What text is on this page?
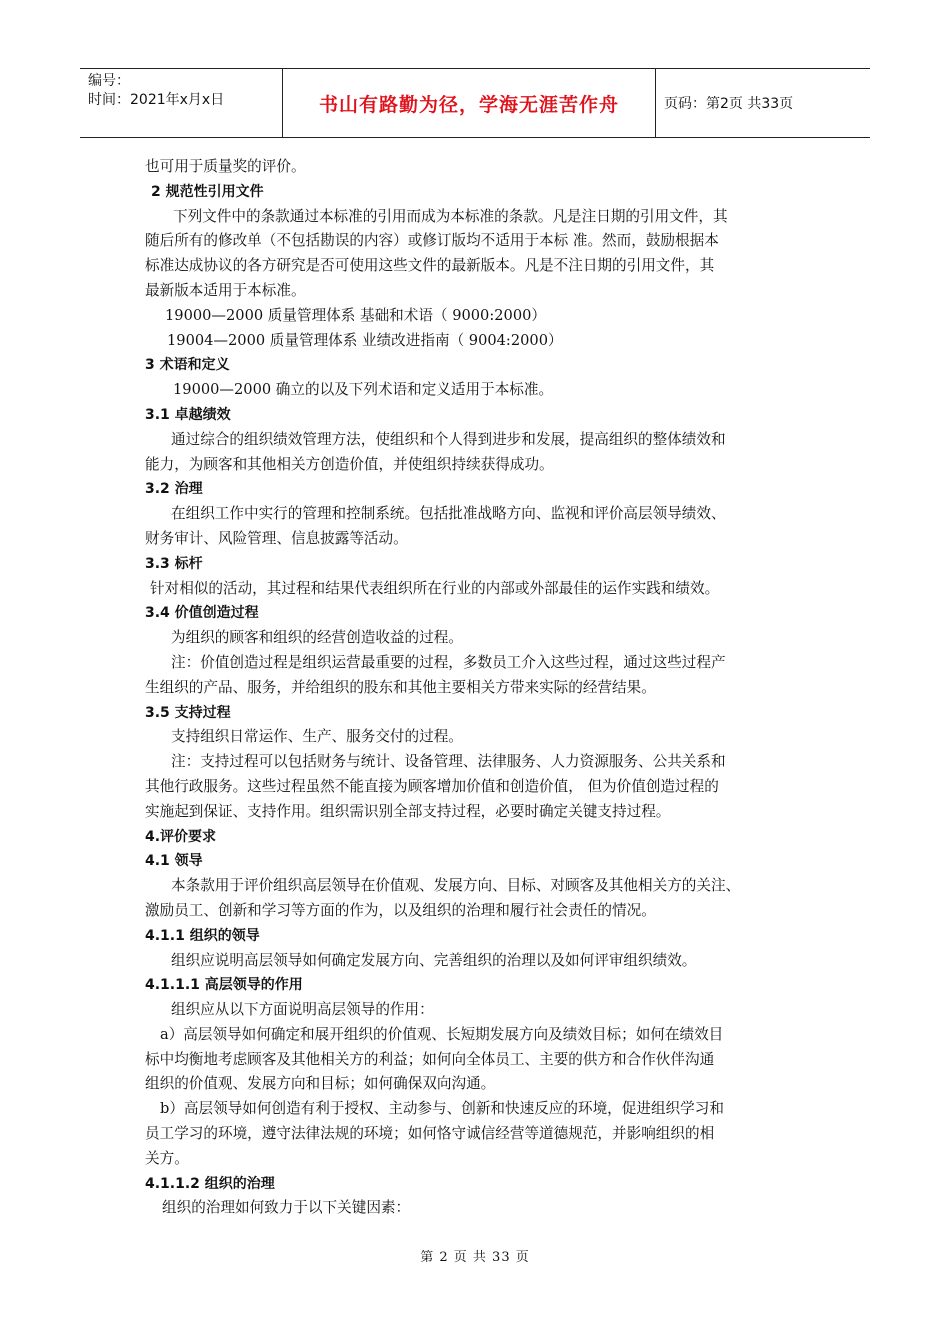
编号：
时间：2021年x月x日	书山有路勤为径，学海无涯苦作舟	页码：第2页 共33页
也可用于质量奖的评价。
2 规范性引用文件
下列文件中的条款通过本标准的引用而成为本标准的条款。凡是注日期的引用文件，其
随后所有的修改单（不包括勘误的内容）或修订版均不适用于本标 准。然而，鼓励根据本
标准达成协议的各方研究是否可使用这些文件的最新版本。凡是不注日期的引用文件，其
最新版本适用于本标准。
19000—2000 质量管理体系 基础和术语（ 9000:2000）
19004—2000 质量管理体系 业绩改进指南（ 9004:2000）
3 术语和定义
19000—2000 确立的以及下列术语和定义适用于本标准。
3.1 卓越绩效
通过综合的组织绩效管理方法，使组织和个人得到进步和发展，提高组织的整体绩效和
能力，为顾客和其他相关方创造价值，并使组织持续获得成功。
3.2 治理
在组织工作中实行的管理和控制系统。包括批准战略方向、监视和评价高层领导绩效、
财务审计、风险管理、信息披露等活动。
3.3 标杆
针对相似的活动，其过程和结果代表组织所在行业的内部或外部最佳的运作实践和绩效。
3.4 价值创造过程
为组织的顾客和组织的经营创造收益的过程。
注：价值创造过程是组织运营最重要的过程，多数员工介入这些过程，通过这些过程产
生组织的产品、服务，并给组织的股东和其他主要相关方带来实际的经营结果。
3.5 支持过程
支持组织日常运作、生产、服务交付的过程。
注：支持过程可以包括财务与统计、设备管理、法律服务、人力资源服务、公共关系和
其他行政服务。这些过程虽然不能直接为顾客增加价值和创造价值， 但为价值创造过程的
实施起到保证、支持作用。组织需识别全部支持过程，必要时确定关键支持过程。
4.评价要求
4.1 领导
本条款用于评价组织高层领导在价值观、发展方向、目标、对顾客及其他相关方的关注、
激励员工、创新和学习等方面的作为，以及组织的治理和履行社会责任的情况。
4.1.1 组织的领导
组织应说明高层领导如何确定发展方向、完善组织的治理以及如何评审组织绩效。
4.1.1.1 高层领导的作用
组织应从以下方面说明高层领导的作用：
a）高层领导如何确定和展开组织的价值观、长短期发展方向及绩效目标；如何在绩效目
标中均衡地考虑顾客及其他相关方的利益；如何向全体员工、主要的供方和合作伙伴沟通
组织的价值观、发展方向和目标；如何确保双向沟通。
b）高层领导如何创造有利于授权、主动参与、创新和快速反应的环境，促进组织学习和
员工学习的环境，遵守法律法规的环境；如何恪守诚信经营等道德规范，并影响组织的相
关方。
4.1.1.2 组织的治理
组织的治理如何致力于以下关键因素：
第 2 页 共 33 页
